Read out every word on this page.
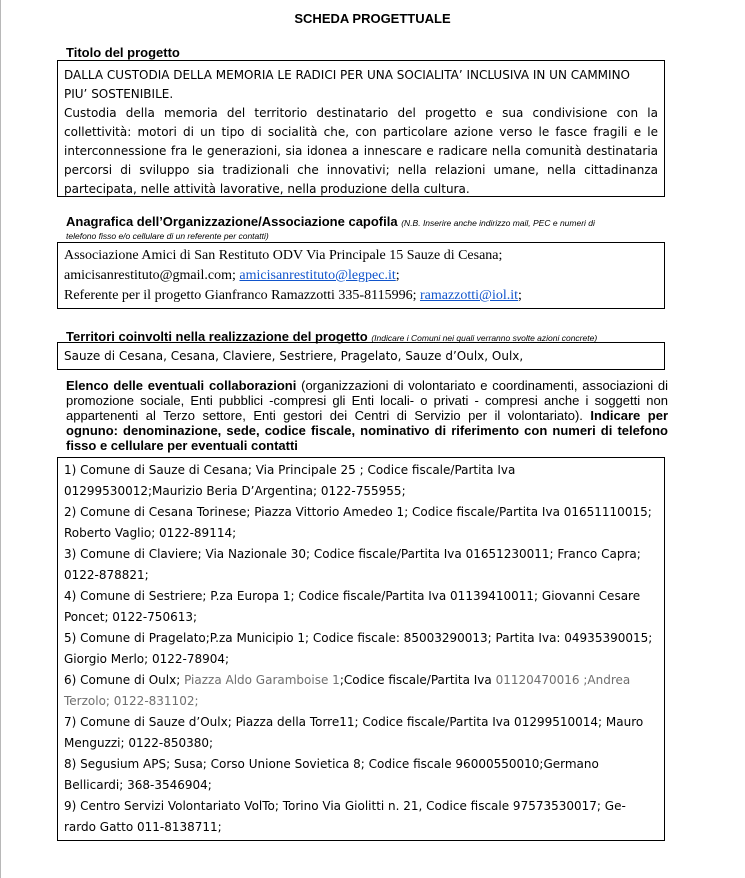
SCHEDA PROGETTUALE
Titolo del progetto

DALLA CUSTODIA DELLA MEMORIA LE RADICI PER UNA SOCIALITA’ INCLUSIVA IN UN CAMMINO

PIU’ SOSTENIBILE.

Custodia della memoria del territorio destinatario del progetto e sua condivisione con la collettività: motori di un tipo di socialità che, con particolare azione verso le fasce fragili e le interconnessione fra le generazioni, sia idonea a innescare e radicare nella comunità destinataria percorsi di sviluppo sia tradizionali che innovativi; nella relazioni umane, nella cittadinanza partecipata, nelle attività lavorative, nella produzione della cultura.

Anagrafica dell’Organizzazione/Associazione capofila (N.B. Inserire anche indirizzo mail, PEC e numeri di
telefono fisso e/o cellulare di un referente per contatti)

Associazione Amici di San Restituto ODV Via Principale 15 Sauze di Cesana;

amicisanrestituto@gmail.com; amicisanrestituto@legpec.it;

Referente per il progetto Gianfranco Ramazzotti 335-8115996; ramazzotti@iol.it;

Territori coinvolti nella realizzazione del progetto (Indicare i Comuni nei quali verranno svolte azioni concrete)

Sauze di Cesana, Cesana, Claviere, Sestriere, Pragelato, Sauze d’Oulx, Oulx,

Elenco delle eventuali collaborazioni (organizzazioni di volontariato e coordinamenti, associazioni di promozione sociale, Enti pubblici -compresi gli Enti locali- o privati - compresi anche i soggetti non appartenenti al Terzo settore, Enti gestori dei Centri di Servizio per il volontariato). Indicare per ognuno: denominazione, sede, codice fiscale, nominativo di riferimento con numeri di telefono fisso e cellulare per eventuali contatti

1) Comune di Sauze di Cesana; Via Principale 25 ; Codice fiscale/Partita Iva

01299530012;Maurizio Beria D’Argentina; 0122-755955;

2) Comune di Cesana Torinese; Piazza Vittorio Amedeo 1; Codice fiscale/Partita Iva 01651110015;

Roberto Vaglio; 0122-89114;

3) Comune di Claviere; Via Nazionale 30; Codice fiscale/Partita Iva 01651230011; Franco Capra;

0122-878821;

4) Comune di Sestriere; P.za Europa 1; Codice fiscale/Partita Iva 01139410011; Giovanni Cesare

Poncet; 0122-750613;

5) Comune di Pragelato;P.za Municipio 1; Codice fiscale: 85003290013; Partita Iva: 04935390015;

Giorgio Merlo; 0122-78904;

6) Comune di Oulx; Piazza Aldo Garamboise 1;Codice fiscale/Partita Iva 01120470016 ;Andrea

Terzolo; 0122-831102;

7) Comune di Sauze d’Oulx; Piazza della Torre11; Codice fiscale/Partita Iva 01299510014; Mauro

Menguzzi; 0122-850380;

8) Segusium APS; Susa; Corso Unione Sovietica 8; Codice fiscale 96000550010;Germano

Bellicardi; 368-3546904;

9) Centro Servizi Volontariato VolTo; Torino Via Giolitti n. 21, Codice fiscale 97573530017; Ge-

rardo Gatto 011-8138711;
